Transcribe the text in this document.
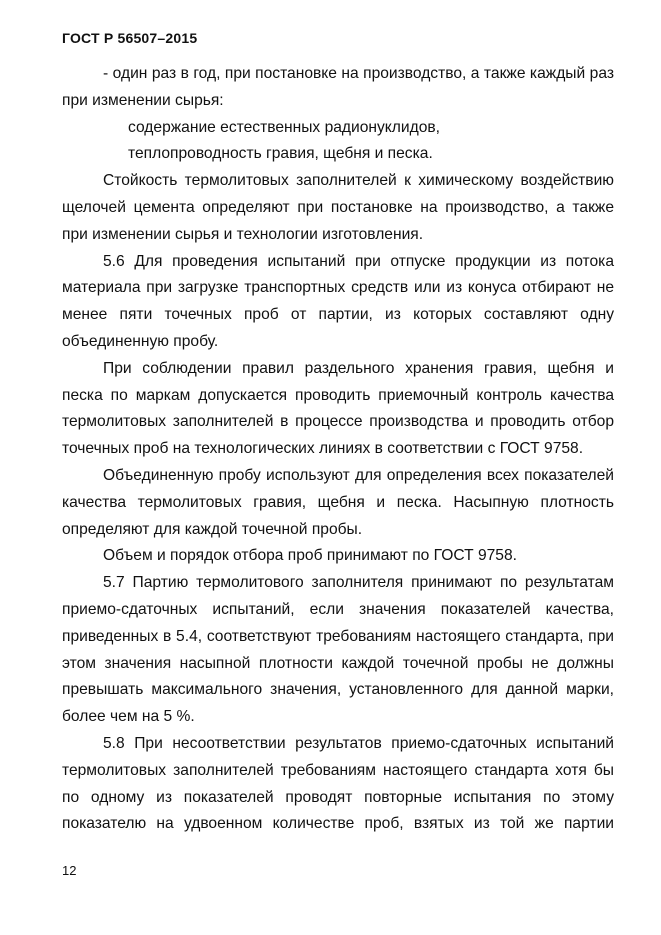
ГОСТ Р 56507–2015

- один раз в год, при постановке на производство, а также каждый раз при изменении сырья:

содержание естественных радионуклидов,

теплопроводность гравия, щебня и песка.

Стойкость термолитовых заполнителей к химическому воздействию щелочей цемента определяют при постановке на производство, а также при изменении сырья и технологии изготовления.

5.6 Для проведения испытаний при отпуске продукции из потока материала при загрузке транспортных средств или из конуса отбирают не менее пяти точечных проб от партии, из которых составляют одну объединенную пробу.

При соблюдении правил раздельного хранения гравия, щебня и песка по маркам допускается проводить приемочный контроль качества термолитовых заполнителей в процессе производства и проводить отбор точечных проб на технологических линиях в соответствии с ГОСТ 9758.

Объединенную пробу используют для определения всех показателей качества термолитовых гравия, щебня и песка. Насыпную плотность определяют для каждой точечной пробы.

Объем и порядок отбора проб принимают по ГОСТ 9758.

5.7 Партию термолитового заполнителя принимают по результатам приемо-сдаточных испытаний, если значения показателей качества, приведенных в 5.4, соответствуют требованиям настоящего стандарта, при этом значения насыпной плотности каждой точечной пробы не должны превышать максимального значения, установленного для данной марки, более чем на 5 %.

5.8 При несоответствии результатов приемо-сдаточных испытаний термолитовых заполнителей требованиям настоящего стандарта хотя бы по одному из показателей проводят повторные испытания по этому показателю на удвоенном количестве проб, взятых из той же партии

12
